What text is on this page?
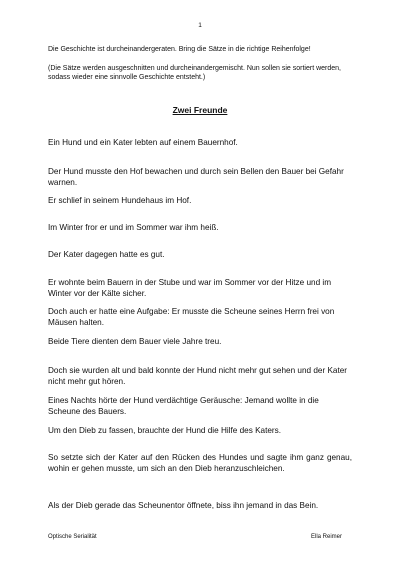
1
Die Geschichte ist durcheinandergeraten. Bring die Sätze in die richtige Reihenfolge!
(Die Sätze werden ausgeschnitten und durcheinandergemischt. Nun sollen sie sortiert werden, sodass wieder eine sinnvolle Geschichte entsteht.)
Zwei Freunde
Ein Hund und ein Kater lebten auf einem Bauernhof.
Der Hund musste den Hof bewachen und durch sein Bellen den Bauer bei Gefahr warnen.
Er schlief in seinem Hundehaus im Hof.
Im Winter fror er und im Sommer war ihm heiß.
Der Kater dagegen hatte es gut.
Er wohnte beim Bauern in der Stube und war im Sommer vor der Hitze und im Winter vor der Kälte sicher.
Doch auch er hatte eine Aufgabe: Er musste die Scheune seines Herrn frei von Mäusen halten.
Beide Tiere dienten dem Bauer viele Jahre treu.
Doch sie wurden alt und bald konnte der Hund nicht mehr gut sehen und der Kater nicht mehr gut hören.
Eines Nachts hörte der Hund verdächtige Geräusche: Jemand wollte in die Scheune des Bauers.
Um den Dieb zu fassen, brauchte der Hund die Hilfe des Katers.
So setzte sich der Kater auf den Rücken des Hundes und sagte ihm ganz genau, wohin er gehen musste, um sich an den Dieb heranzuschleichen.
Als der Dieb gerade das Scheunentor öffnete, biss ihn jemand in das Bein.
Optische Serialität	Ella Reimer
